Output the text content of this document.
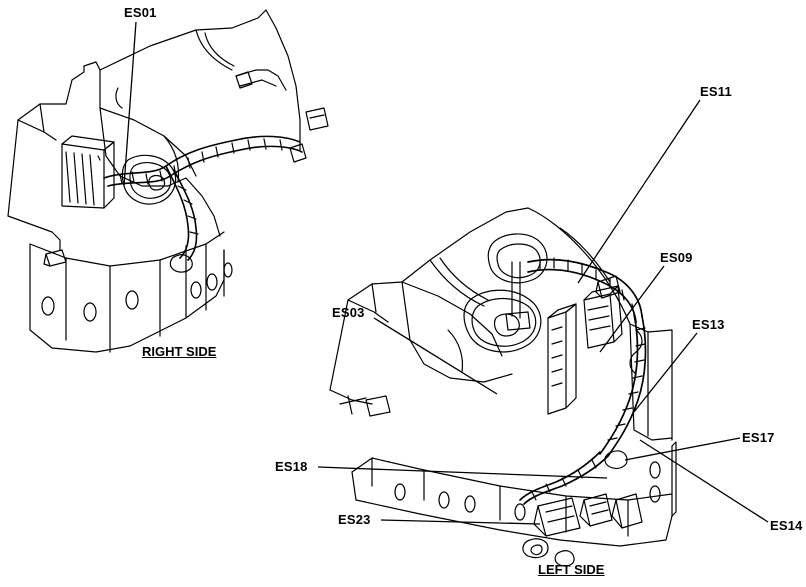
ES01
ES11
ES09
ES13
ES03
ES17
ES18
ES14
ES23
RIGHT SIDE
LEFT SIDE
